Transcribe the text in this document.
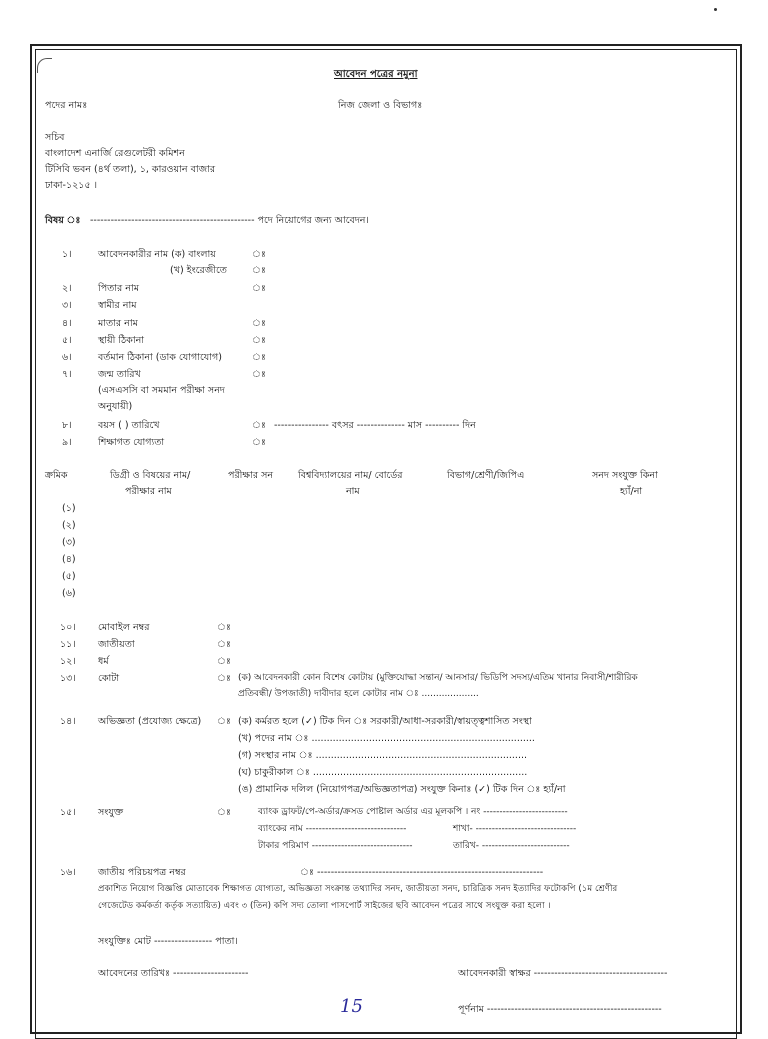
আবেদন পত্রের নমুনা
পদের নামঃ	নিজ জেলা ও বিভাগঃ
সচিব
বাংলাদেশ এনার্জি রেগুলেটরী কমিশন
টিসিবি ভবন (৪র্থ তলা), ১, কারওয়ান বাজার
ঢাকা-১২১৫ ।
বিষয় ঃ ------------------------------------------------ পদে নিয়োগের জন্য আবেদন।
১।	আবেদনকারীর নাম (ক) বাংলায়	ঃ
(খ) ইংরেজীতে	ঃ
২।	পিতার নাম	ঃ
৩।	স্বামীর নাম
৪।	মাতার নাম	ঃ
৫।	স্থায়ী ঠিকানা	ঃ
৬।	বর্তমান ঠিকানা (ডাক যোগাযোগ)	ঃ
৭।	জন্ম তারিখ	ঃ
(এসএসসি বা সমমান পরীক্ষা সনদ
অনুযায়ী)
৮।	বয়স ( ) তারিখে	ঃ ---------------- বৎসর -------------- মাস ---------- দিন
৯।	শিক্ষাগত যোগ্যতা	ঃ
ক্রমিক	ডিগ্রী ও বিষয়ের নাম/
পরীক্ষার নাম
পরীক্ষার সন	বিশ্ববিদ্যালয়ের নাম/ বোর্ডের
নাম
বিভাগ/শ্রেণী/জিপিএ	সনদ সংযুক্ত কিনা
হ্যাঁ/না
(১)
(২)
(৩)
(৪)
(৫)
(৬)
১০। মোবাইল নম্বর	ঃ
১১। জাতীয়তা	ঃ
১২। ধর্ম	ঃ
১৩। কোটা	ঃ (ক) আবেদনকারী কোন বিশেষ কোটায় (মুক্তিযোদ্ধা সন্তান/ আনসার/ ভিডিপি সদস্য/এতিম খানার নিবাসী/শারীরিক
প্রতিবন্ধী/ উপজাতী) দাবীদার হলে কোটার নাম ঃ ....................
১৪। অভিজ্ঞতা (প্রযোজ্য ক্ষেত্রে) ঃ (ক) কর্মরত হলে (✓) টিক দিন ঃ সরকারী/আধা-সরকারী/স্বায়ত্ত্বশাসিত সংস্থা
(খ) পদের নাম ঃ ..........................................................................
(গ) সংস্থার নাম ঃ ......................................................................
(ঘ) চাকুরীকাল ঃ .......................................................................
(ঙ) প্রামানিক দলিল (নিয়োগপত্র/অভিজ্ঞতাপত্র) সংযুক্ত কিনাঃ (✓) টিক দিন ঃ হ্যাঁ/না
১৫। সংযুক্ত	ঃ	ব্যাংক ড্রাফট/পে-অর্ডার/ক্রসড পোষ্টাল অর্ডার এর মূলকপি । নং --------------------------
ব্যাংকের নাম -------------------------------	শাখা- -------------------------------
টাকার পরিমাণ -------------------------------	তারিখ- ---------------------------
১৬। জাতীয় পরিচয়পত্র নম্বর	ঃ ------------------------------------------------------------------
প্রকাশিত নিয়োগ বিজ্ঞপ্তি মোতাবেক শিক্ষাগত যোগ্যতা, অভিজ্ঞতা সংক্রান্ত তথ্যাদির সনদ, জাতীয়তা সনদ, চারিত্রিক সনদ ইত্যাদির ফটোকপি (১ম শ্রেণীর
গেজেটেড কর্মকর্তা কর্তৃক সত্যায়িত) এবং ৩ (তিন) কপি সদ্য তোলা পাসপোর্ট সাইজের ছবি আবেদন পত্রের সাথে সংযুক্ত করা হলো ।
সংযুক্তিঃ মোট ----------------- পাতা।
আবেদনের তারিখঃ ----------------------	আবেদনকারী স্বাক্ষর ---------------------------------------
পূর্ণনাম ---------------------------------------------------
15
